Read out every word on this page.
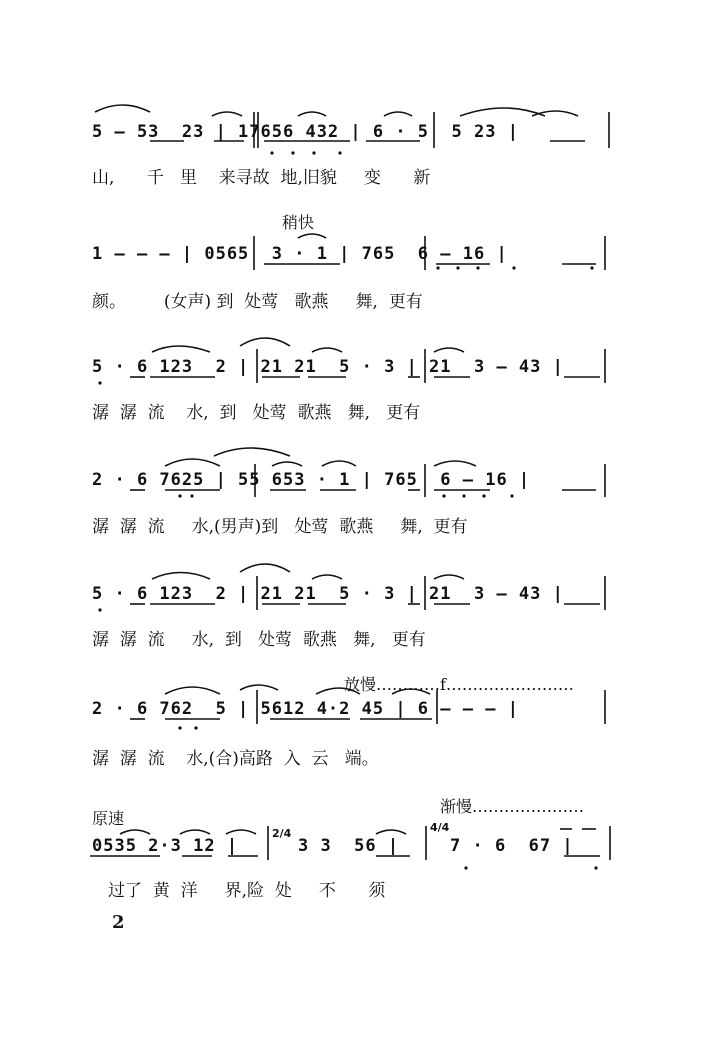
5 — 53  23 | 17656 432 | 6 · 5  5 23 |
山,      千   里    来寻故  地,旧貌     变      新
稍快
1 — — — | 0565  3 · 1 | 765  6 — 16 |
颜。       (女声) 到  处莺   歌燕     舞,  更有
5 · 6 123  2 | 21 21  5 · 3 | 21  3 — 43 |
潺  潺  流    水,  到   处莺  歌燕   舞,   更有
2 · 6 7625 | 55 653 · 1 | 765  6 — 16 |
潺  潺  流     水,(男声)到   处莺  歌燕     舞,  更有
5 · 6 123  2 | 21 21  5 · 3 | 21  3 — 43 |
潺  潺  流     水,  到   处莺  歌燕   舞,   更有
放慢…………f……………………
2 · 6 762  5 | 5612 4·2 45 | 6 — — — |
潺  潺  流    水,(合)高路  入  云   端。
原速
渐慢…………………
0535 2·3 12 |
2/4
3 3  56 |
4/4
7 · 6  67 |
过了  黄  洋     界,险  处     不      须
2
